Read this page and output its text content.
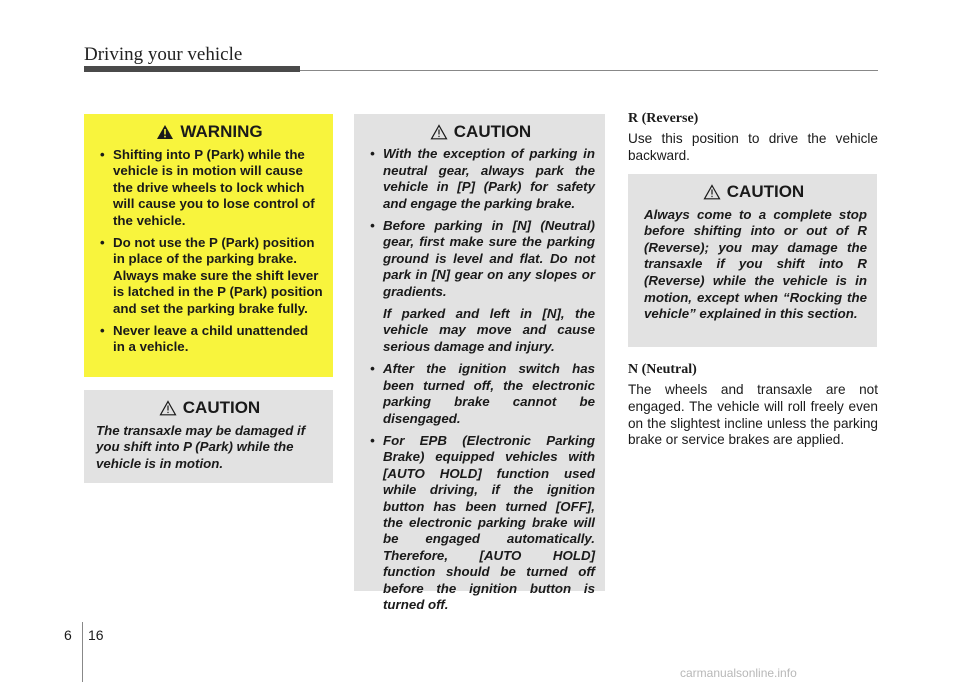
Driving your vehicle
WARNING
• Shifting into P (Park) while the vehicle is in motion will cause the drive wheels to lock which will cause you to lose control of the vehicle.
• Do not use the P (Park) position in place of the parking brake. Always make sure the shift lever is latched in the P (Park) position and set the parking brake fully.
• Never leave a child unattended in a vehicle.
CAUTION

The transaxle may be damaged if you shift into P (Park) while the vehicle is in motion.

CAUTION
• With the exception of parking in neutral gear, always park the vehicle in [P] (Park) for safety and engage the parking brake.
• Before parking in [N] (Neutral) gear, first make sure the parking ground is level and flat. Do not park in [N] gear on any slopes or gradients.
If parked and left in [N], the vehicle may move and cause serious damage and injury.
• After the ignition switch has been turned off, the electronic parking brake cannot be disengaged.
• For EPB (Electronic Parking Brake) equipped vehicles with [AUTO HOLD] function used while driving, if the ignition button has been turned [OFF], the electronic parking brake will be engaged automatically. Therefore, [AUTO HOLD] function should be turned off before the ignition button is turned off.
R (Reverse)

Use this position to drive the vehicle backward.

CAUTION

Always come to a complete stop before shifting into or out of R (Reverse); you may damage the transaxle if you shift into R (Reverse) while the vehicle is in motion, except when “Rocking the vehicle” explained in this section.

N (Neutral)

The wheels and transaxle are not engaged. The vehicle will roll freely even on the slightest incline unless the parking brake or service brakes are applied.

6 16
carmanualsonline.info
